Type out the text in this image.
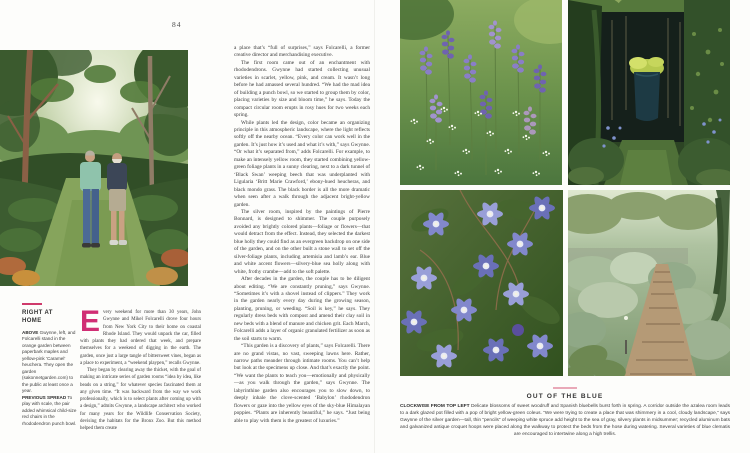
84
RIGHT AT HOME

ABOVE Gwynne, left, and Folcarelli stand in the orange garden between paperbark maples and yellow-pink ‘Caramel’ heuchera. They open the garden (sakonnetgarden.com) to the public at least once a year.

PREVIOUS SPREAD To play with scale, the pair added whimsical child-size red chairs in the rhododendron punch bowl.

Every weekend for more than 30 years, John Gwynne and Mikel Folcarelli drove four hours from New York City to their home on coastal Rhode Island. They would unpack the car, filled with plants they had ordered that week, and prepare themselves for a weekend of digging in the earth. The garden, once just a large tangle of bittersweet vines, began as a place to experiment, a “weekend playpen,” recalls Gwynne.

They began by clearing away the thicket, with the goal of making an intricate series of garden rooms “idea by idea, like beads on a string,” for whatever species fascinated them at any given time. “It was backward from the way we work professionally, which is to select plants after coming up with a design,” admits Gwynne, a landscape architect who worked for many years for the Wildlife Conservation Society, devising the habitats for the Bronx Zoo. But this method helped them create

a place that’s “full of surprises,” says Folcarelli, a former creative director and merchandising executive.

The first room came out of an enchantment with rhododendrons. Gwynne had started collecting unusual varieties in scarlet, yellow, pink, and cream. It wasn’t long before he had amassed several hundred. “We had the mad idea of building a punch bowl, so we started to group them by color, placing varieties by size and bloom time,” he says. Today the compact circular room erupts in rosy hues for two weeks each spring.

While plants led the design, color became an organizing principle in this atmospheric landscape, where the light reflects softly off the nearby ocean. “Every color can work well in the garden. It’s just how it’s used and what it’s with,” says Gwynne. “Or what it’s separated from,” adds Folcarelli. For example, to make an intensely yellow room, they started combining yellow-green foliage plants in a sunny clearing, next to a dark tunnel of ‘Black Swan’ weeping beech that was underplanted with Ligularia ‘Britt Marie Crawford,’ ebony-hued heucheras, and black mondo grass. The black border is all the more dramatic when seen after a walk through the adjacent bright-yellow garden.

The silver room, inspired by the paintings of Pierre Bonnard, is designed to shimmer. The couple purposely avoided any brightly colored plants—foliage or flowers—that would detract from the effect. Instead, they selected the darkest blue holly they could find as an evergreen backdrop on one side of the garden, and on the other built a stone wall to set off the silver-foliage plants, including artemisia and lamb’s ear. Blue and white accent flowers—silvery-blue sea holly along with white, frothy crambe—add to the soft palette.

After decades in the garden, the couple has to be diligent about editing. “We are constantly pruning,” says Gwynne. “Sometimes it’s with a shovel instead of clippers.” They work in the garden nearly every day during the growing season, planting, pruning, or weeding. “Soil is key,” he says. They regularly dress beds with compost and amend their clay soil in new beds with a blend of manure and chicken grit. Each March, Folcarelli adds a layer of organic granulated fertilizer as soon as the soil starts to warm.

“This garden is a discovery of plants,” says Folcarelli. There are no grand vistas, no vast, sweeping lawns here. Rather, narrow paths meander through intimate rooms. You can’t help but look at the specimens up close. And that’s exactly the point. “We want the plants to teach you—emotionally and physically—as you walk through the garden,” says Gwynne. The labyrinthine garden also encourages you to slow down, to deeply inhale the clove-scented ‘Babylon’ rhododendron flowers or gaze into the yellow eyes of the sky-blue Himalayan poppies. “Plants are inherently beautiful,” he says. “Just being able to play with them is the greatest of luxuries.”

OUT OF THE BLUE

CLOCKWISE FROM TOP LEFT Delicate blossoms of sweet woodruff and Spanish bluebells burst forth in spring. A corridor outside the azalea room leads to a dark glazed pot filled with a pop of bright yellow-green coleus. “We were trying to create a place that was shimmery in a cool, cloudy landscape,” says Gwynne of the silver garden—tall, thin “pencils” of weeping white spruce add height to the sea of gray, silvery plants in midsummer; recycled aluminum bats and galvanized antique croquet hoops were placed along the walkway to protect the beds from the hose during watering. Several varieties of blue clematis are encouraged to intertwine along a high trellis.
